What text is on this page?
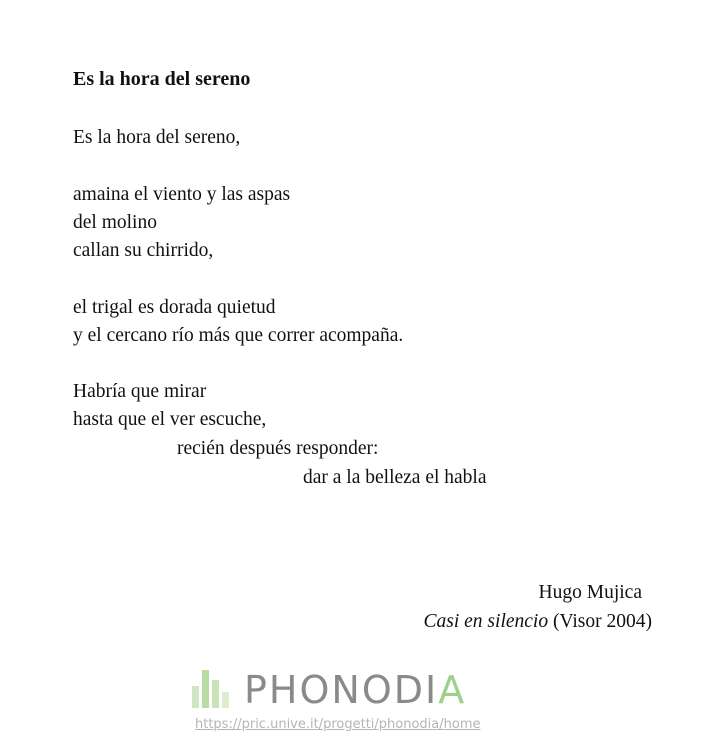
Es la hora del sereno
Es la hora del sereno,
amaina el viento y las aspas
del molino
callan su chirrido,
el trigal es dorada quietud
y el cercano río más que correr acompaña.
Habría que mirar
hasta que el ver escuche,
recién después responder:
dar a la belleza el habla
Hugo Mujica
Casi en silencio (Visor 2004)
PHONODIA
https://pric.unive.it/progetti/phonodia/home
